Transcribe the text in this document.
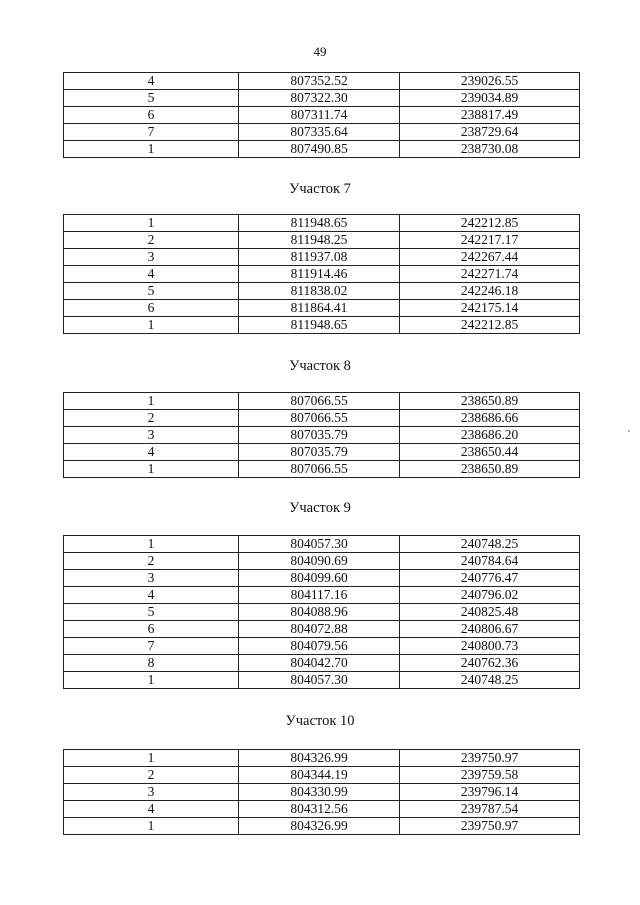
49
4	807352.52	239026.55
5	807322.30	239034.89
6	807311.74	238817.49
7	807335.64	238729.64
1	807490.85	238730.08
Участок 7
1	811948.65	242212.85
2	811948.25	242217.17
3	811937.08	242267.44
4	811914.46	242271.74
5	811838.02	242246.18
6	811864.41	242175.14
1	811948.65	242212.85
Участок 8
1	807066.55	238650.89
2	807066.55	238686.66
3	807035.79	238686.20
4	807035.79	238650.44
1	807066.55	238650.89
Участок 9
1	804057.30	240748.25
2	804090.69	240784.64
3	804099.60	240776.47
4	804117.16	240796.02
5	804088.96	240825.48
6	804072.88	240806.67
7	804079.56	240800.73
8	804042.70	240762.36
1	804057.30	240748.25
Участок 10
1	804326.99	239750.97
2	804344.19	239759.58
3	804330.99	239796.14
4	804312.56	239787.54
1	804326.99	239750.97
